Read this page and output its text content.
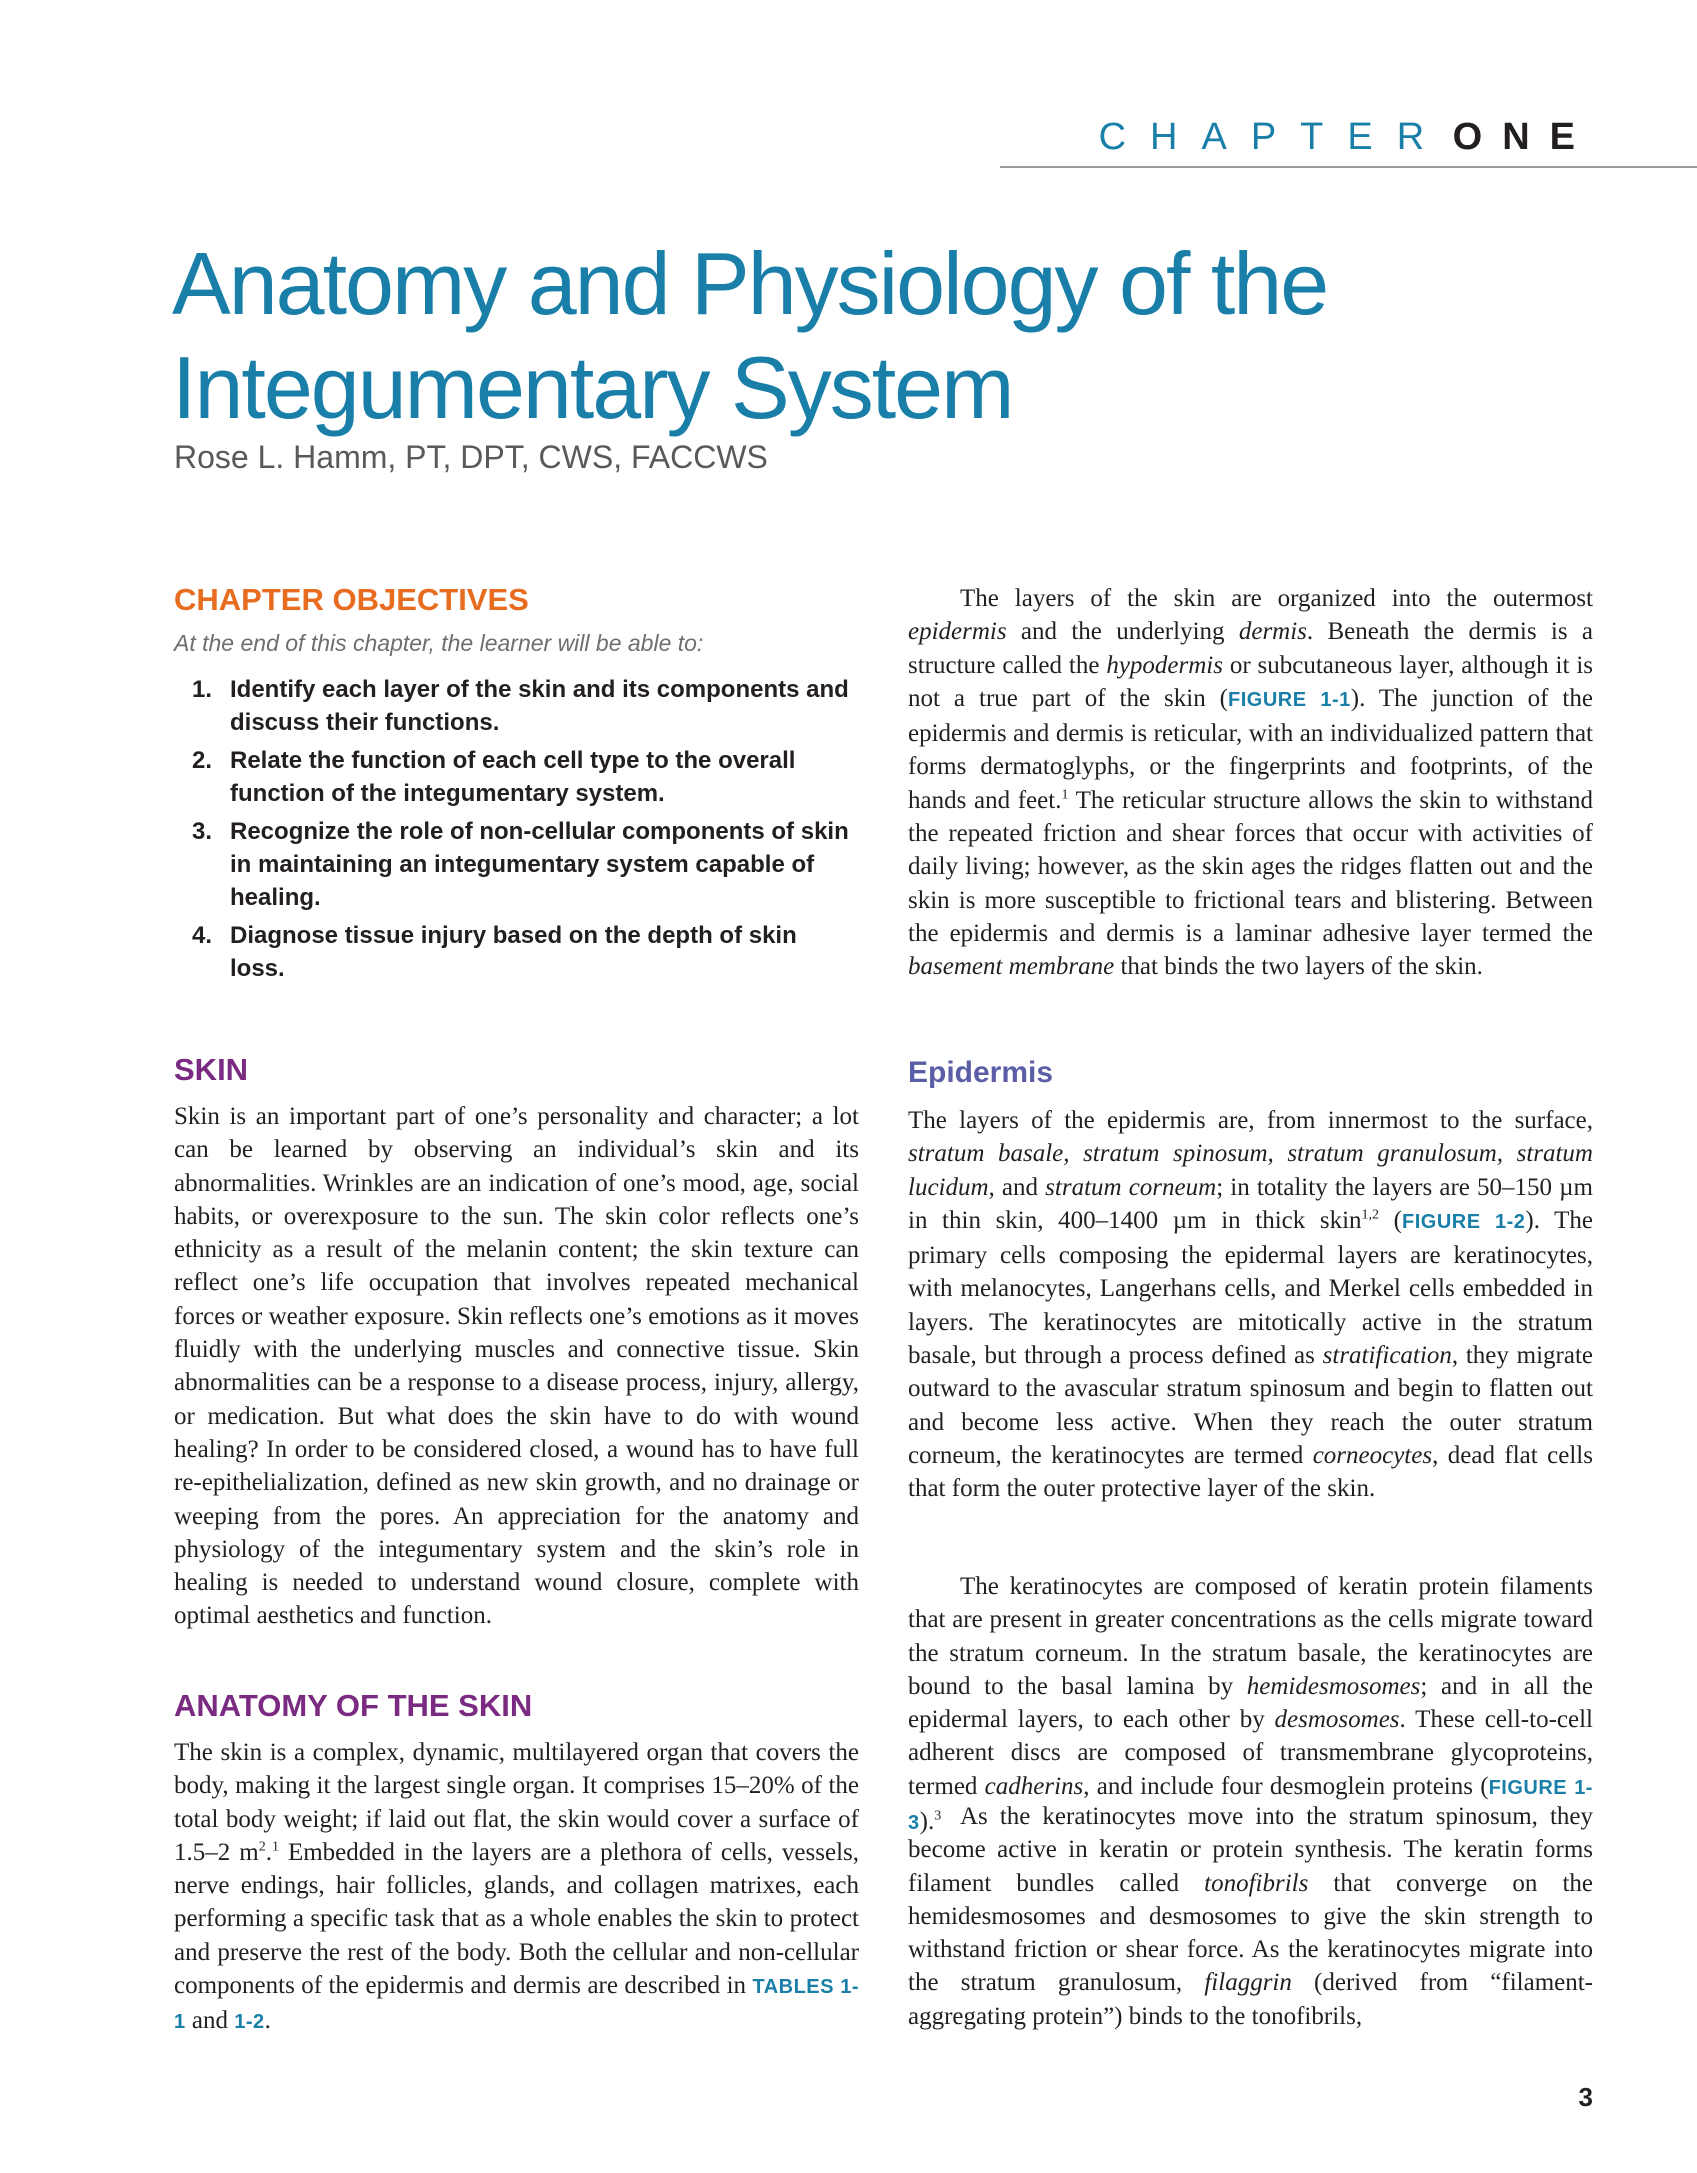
CHAPTER ONE
Anatomy and Physiology of the Integumentary System

Rose L. Hamm, PT, DPT, CWS, FACCWS

CHAPTER OBJECTIVES

At the end of this chapter, the learner will be able to:

1. Identify each layer of the skin and its components and discuss their functions.
2. Relate the function of each cell type to the overall function of the integumentary system.
3. Recognize the role of non-cellular components of skin in maintaining an integumentary system capable of healing.
4. Diagnose tissue injury based on the depth of skin loss.
SKIN

Skin is an important part of one’s personality and character; a lot can be learned by observing an individual’s skin and its abnormalities. Wrinkles are an indication of one’s mood, age, social habits, or overexposure to the sun. The skin color reflects one’s ethnicity as a result of the melanin content; the skin texture can reflect one’s life occupation that involves repeated mechanical forces or weather exposure. Skin reflects one’s emotions as it moves fluidly with the underlying muscles and connective tissue. Skin abnormalities can be a response to a disease process, injury, allergy, or medication. But what does the skin have to do with wound healing? In order to be considered closed, a wound has to have full re-epithelialization, defined as new skin growth, and no drainage or weeping from the pores. An appreciation for the anatomy and physiology of the integumentary system and the skin’s role in healing is needed to understand wound closure, complete with optimal aesthetics and function.

ANATOMY OF THE SKIN

The skin is a complex, dynamic, multilayered organ that covers the body, making it the largest single organ. It comprises 15–20% of the total body weight; if laid out flat, the skin would cover a surface of 1.5–2 $m^2.^1$ Embedded in the layers are a plethora of cells, vessels, nerve endings, hair follicles, glands, and collagen matrixes, each performing a specific task that as a whole enables the skin to protect and preserve the rest of the body. Both the cellular and non-cellular components of the epidermis and dermis are described in TABLES 1-1 and 1-2.

The layers of the skin are organized into the outermost epidermis and the underlying dermis. Beneath the dermis is a structure called the hypodermis or subcutaneous layer, although it is not a true part of the skin (FIGURE 1-1). The junction of the epidermis and dermis is reticular, with an individualized pattern that forms dermatoglyphs, or the fingerprints and footprints, of the hands and feet.$^1$ The reticular structure allows the skin to withstand the repeated friction and shear forces that occur with activities of daily living; however, as the skin ages the ridges flatten out and the skin is more susceptible to frictional tears and blistering. Between the epidermis and dermis is a laminar adhesive layer termed the basement membrane that binds the two layers of the skin.

Epidermis

The layers of the epidermis are, from innermost to the surface, stratum basale, stratum spinosum, stratum granulosum, stratum lucidum, and stratum corneum; in totality the layers are 50–150 µm in thin skin, 400–1400 µm in thick skin$^{1,2}$ (FIGURE 1-2). The primary cells composing the epidermal layers are keratinocytes, with melanocytes, Langerhans cells, and Merkel cells embedded in layers. The keratinocytes are mitotically active in the stratum basale, but through a process defined as stratification, they migrate outward to the avascular stratum spinosum and begin to flatten out and become less active. When they reach the outer stratum corneum, the keratinocytes are termed corneocytes, dead flat cells that form the outer protective layer of the skin.

The keratinocytes are composed of keratin protein filaments that are present in greater concentrations as the cells migrate toward the stratum corneum. In the stratum basale, the keratinocytes are bound to the basal lamina by hemidesmosomes; and in all the epidermal layers, to each other by desmosomes. These cell-to-cell adherent discs are composed of transmembrane glycoproteins, termed cadherins, and include four desmoglein proteins (FIGURE 1-3).$^3$ As the keratinocytes move into the stratum spinosum, they become active in keratin or protein synthesis. The keratin forms filament bundles called tonofibrils that converge on the hemidesmosomes and desmosomes to give the skin strength to withstand friction or shear force. As the keratinocytes migrate into the stratum granulosum, filaggrin (derived from “filament-aggregating protein”) binds to the tonofibrils,

3
